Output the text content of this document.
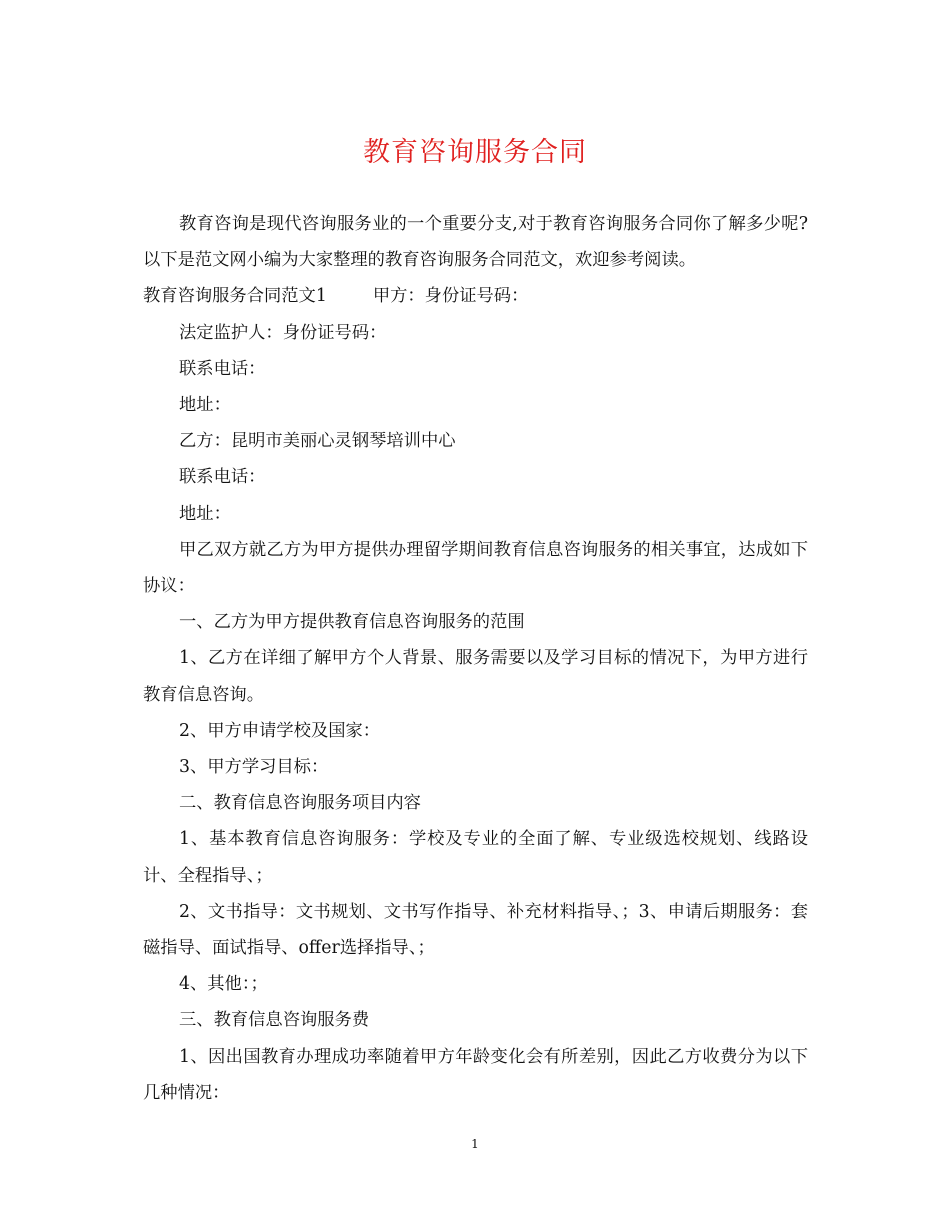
教育咨询服务合同

教育咨询是现代咨询服务业的一个重要分支,对于教育咨询服务合同你了解多少呢?以下是范文网小编为大家整理的教育咨询服务合同范文，欢迎参考阅读。

教育咨询服务合同范文1	甲方：身份证号码：

法定监护人：身份证号码：

联系电话：

地址：

乙方：昆明市美丽心灵钢琴培训中心

联系电话：

地址：

甲乙双方就乙方为甲方提供办理留学期间教育信息咨询服务的相关事宜，达成如下协议：

一、乙方为甲方提供教育信息咨询服务的范围

1、乙方在详细了解甲方个人背景、服务需要以及学习目标的情况下，为甲方进行教育信息咨询。

2、甲方申请学校及国家：

3、甲方学习目标：

二、教育信息咨询服务项目内容

1、基本教育信息咨询服务：学校及专业的全面了解、专业级选校规划、线路设计、全程指导、；

2、文书指导：文书规划、文书写作指导、补充材料指导、；3、申请后期服务：套磁指导、面试指导、offer选择指导、；

4、其他：；

三、教育信息咨询服务费

1、因出国教育办理成功率随着甲方年龄变化会有所差别，因此乙方收费分为以下几种情况：

1
